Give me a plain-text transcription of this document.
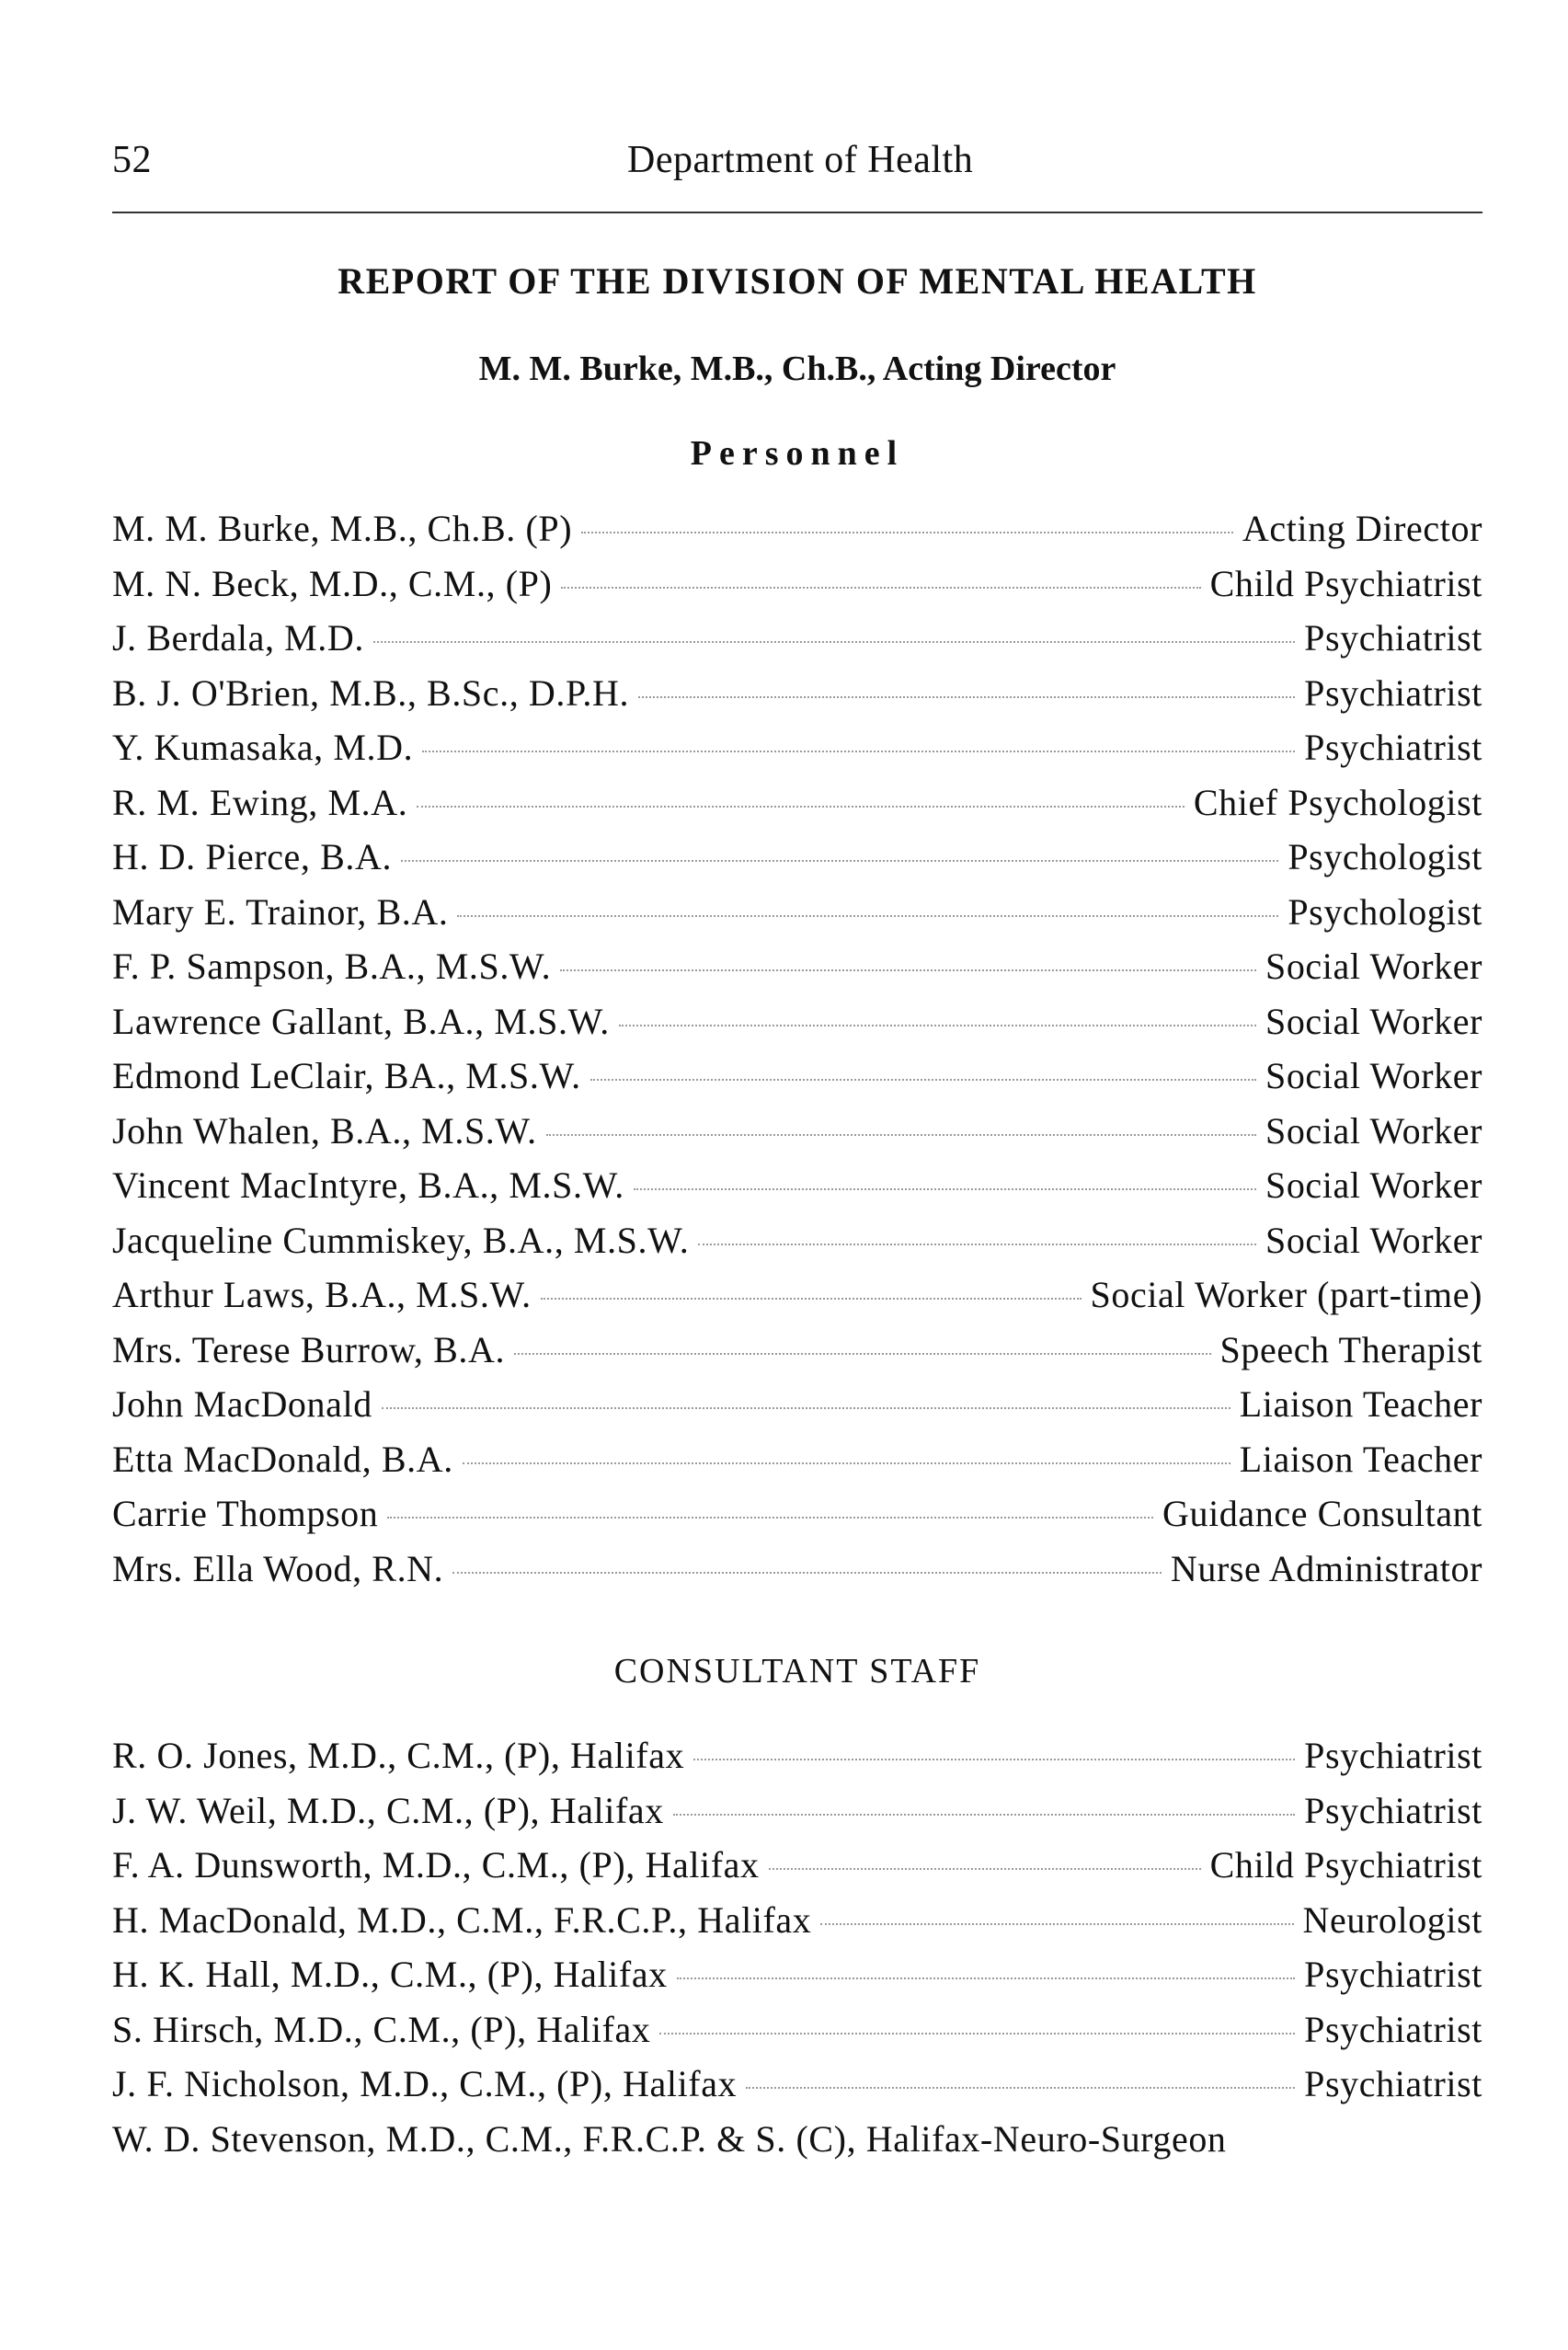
52	Department of Health
REPORT OF THE DIVISION OF MENTAL HEALTH
M. M. Burke, M.B., Ch.B., Acting Director
Personnel
M. M. Burke, M.B., Ch.B. (P)	Acting Director
M. N. Beck, M.D., C.M., (P)	Child Psychiatrist
J. Berdala, M.D.	Psychiatrist
B. J. O'Brien, M.B., B.Sc., D.P.H.	Psychiatrist
Y. Kumasaka, M.D.	Psychiatrist
R. M. Ewing, M.A.	Chief Psychologist
H. D. Pierce, B.A.	Psychologist
Mary E. Trainor, B.A.	Psychologist
F. P. Sampson, B.A., M.S.W.	Social Worker
Lawrence Gallant, B.A., M.S.W.	Social Worker
Edmond LeClair, BA., M.S.W.	Social Worker
John Whalen, B.A., M.S.W.	Social Worker
Vincent MacIntyre, B.A., M.S.W.	Social Worker
Jacqueline Cummiskey, B.A., M.S.W.	Social Worker
Arthur Laws, B.A., M.S.W.	Social Worker (part-time)
Mrs. Terese Burrow, B.A.	Speech Therapist
John MacDonald	Liaison Teacher
Etta MacDonald, B.A.	Liaison Teacher
Carrie Thompson	Guidance Consultant
Mrs. Ella Wood, R.N.	Nurse Administrator
CONSULTANT STAFF
R. O. Jones, M.D., C.M., (P), Halifax	Psychiatrist
J. W. Weil, M.D., C.M., (P), Halifax	Psychiatrist
F. A. Dunsworth, M.D., C.M., (P), Halifax	Child Psychiatrist
H. MacDonald, M.D., C.M., F.R.C.P., Halifax	Neurologist
H. K. Hall, M.D., C.M., (P), Halifax	Psychiatrist
S. Hirsch, M.D., C.M., (P), Halifax	Psychiatrist
J. F. Nicholson, M.D., C.M., (P), Halifax	Psychiatrist
W. D. Stevenson, M.D., C.M., F.R.C.P. & S. (C), Halifax-Neuro-Surgeon
